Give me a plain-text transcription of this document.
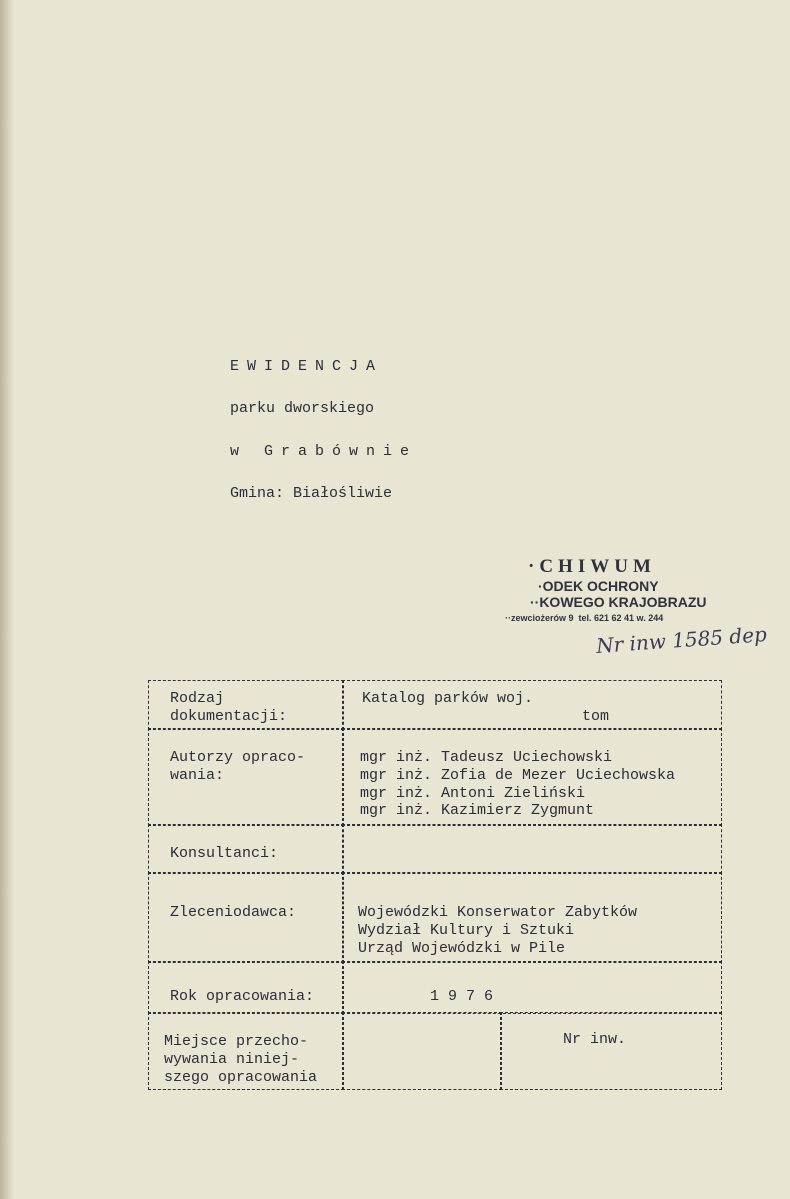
EWIDENCJA
parku dworskiego
w Grabównie
Gmina: Białośliwie
·CHIWUM
·ODEK OCHRONY
··KOWEGO KRAJOBRAZU
··zewciożerów 9  tel. 621 62 41 w. 244
Nr inw 1585 dep
Rodzaj
dokumentacji:
Katalog parków woj.
tom
Autorzy opraco-
wania:
mgr inż. Tadeusz Uciechowski
mgr inż. Zofia de Mezer Uciechowska
mgr inż. Antoni Zieliński
mgr inż. Kazimierz Zygmunt
Konsultanci:
Zleceniodawca:	Wojewódzki Konserwator Zabytków
Wydział Kultury i Sztuki
Urząd Wojewódzki w Pile
Rok opracowania:	1 9 7 6
Miejsce przecho-
wywania niniej-
szego opracowania
Nr inw.
